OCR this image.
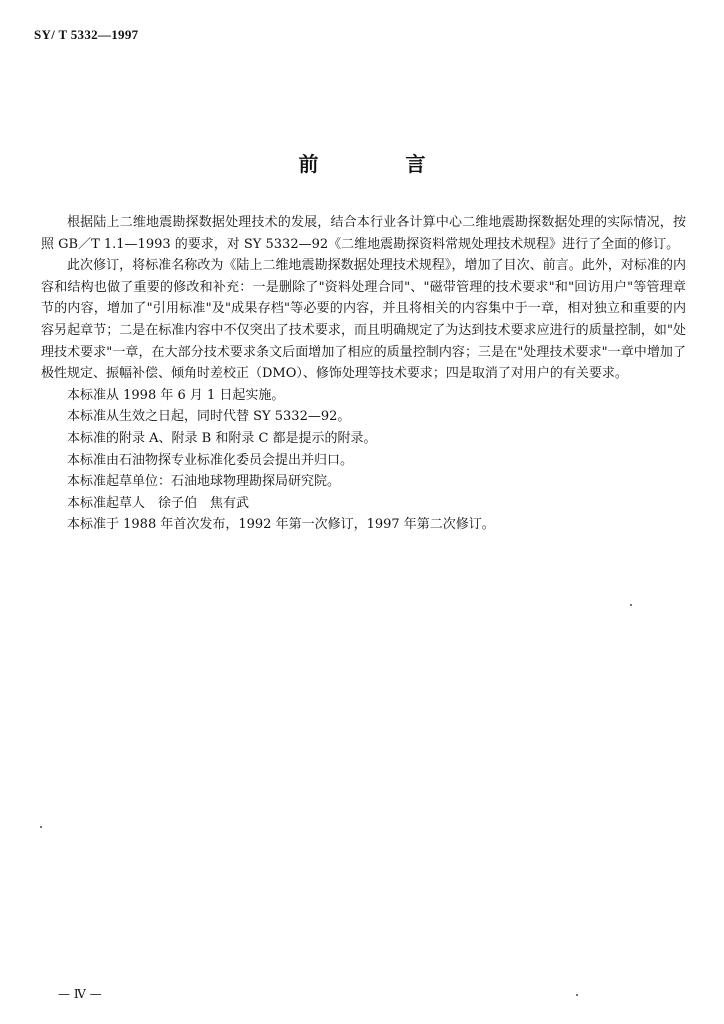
SY/ T 5332—1997
前 言

根据陆上二维地震勘探数据处理技术的发展，结合本行业各计算中心二维地震勘探数据处理的实际情况，按照 GB／T 1.1—1993 的要求，对 SY 5332—92《二维地震勘探资料常规处理技术规程》进行了全面的修订。

此次修订，将标准名称改为《陆上二维地震勘探数据处理技术规程》，增加了目次、前言。此外，对标准的内容和结构也做了重要的修改和补充：一是删除了"资料处理合同"、"磁带管理的技术要求"和"回访用户"等管理章节的内容，增加了"引用标准"及"成果存档"等必要的内容，并且将相关的内容集中于一章，相对独立和重要的内容另起章节；二是在标准内容中不仅突出了技术要求，而且明确规定了为达到技术要求应进行的质量控制，如"处理技术要求"一章，在大部分技术要求条文后面增加了相应的质量控制内容；三是在"处理技术要求"一章中增加了极性规定、振幅补偿、倾角时差校正（DMO）、修饰处理等技术要求；四是取消了对用户的有关要求。

本标准从 1998 年 6 月 1 日起实施。

本标准从生效之日起，同时代替 SY 5332—92。

本标准的附录 A、附录 B 和附录 C 都是提示的附录。

本标准由石油物探专业标准化委员会提出并归口。

本标准起草单位：石油地球物理勘探局研究院。

本标准起草人　徐子伯　焦有武

本标准于 1988 年首次发布，1992 年第一次修订，1997 年第二次修订。

— Ⅳ —
